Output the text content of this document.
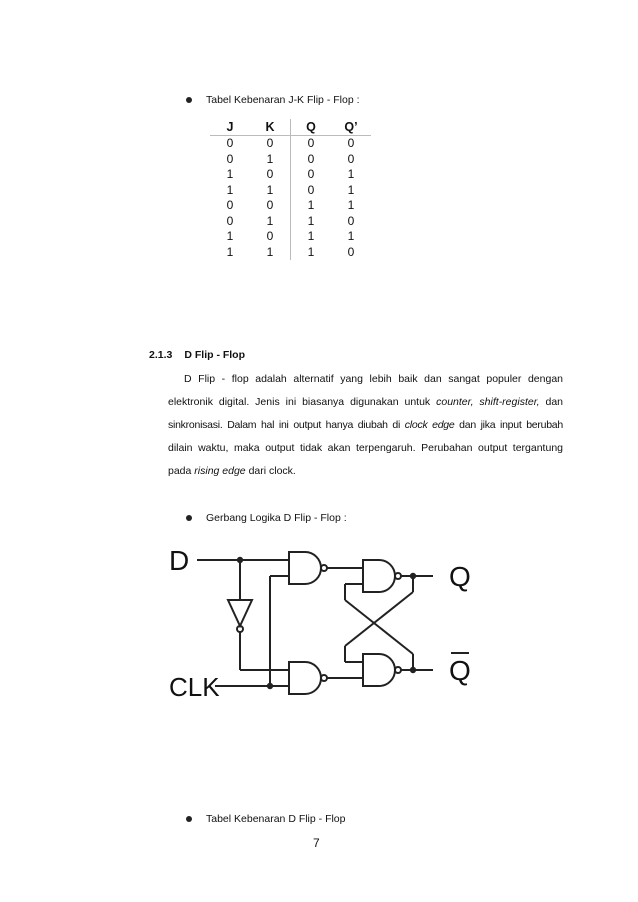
Tabel Kebenaran J-K Flip - Flop :
J	K	Q	Q’
0	0	0	0
0	1	0	0
1	0	0	1
1	1	0	1
0	0	1	1
0	1	1	0
1	0	1	1
1	1	1	0
2.1.3 D Flip - Flop
D Flip - flop adalah alternatif yang lebih baik dan sangat populer dengan
elektronik digital. Jenis ini biasanya digunakan untuk counter, shift-register, dan
sinkronisasi. Dalam hal ini output hanya diubah di clock edge dan jika input berubah
dilain waktu, maka output tidak akan terpengaruh. Perubahan output tergantung
pada rising edge dari clock.
Gerbang Logika D Flip - Flop :
D
CLK
Q
Q
Tabel Kebenaran D Flip - Flop
7
